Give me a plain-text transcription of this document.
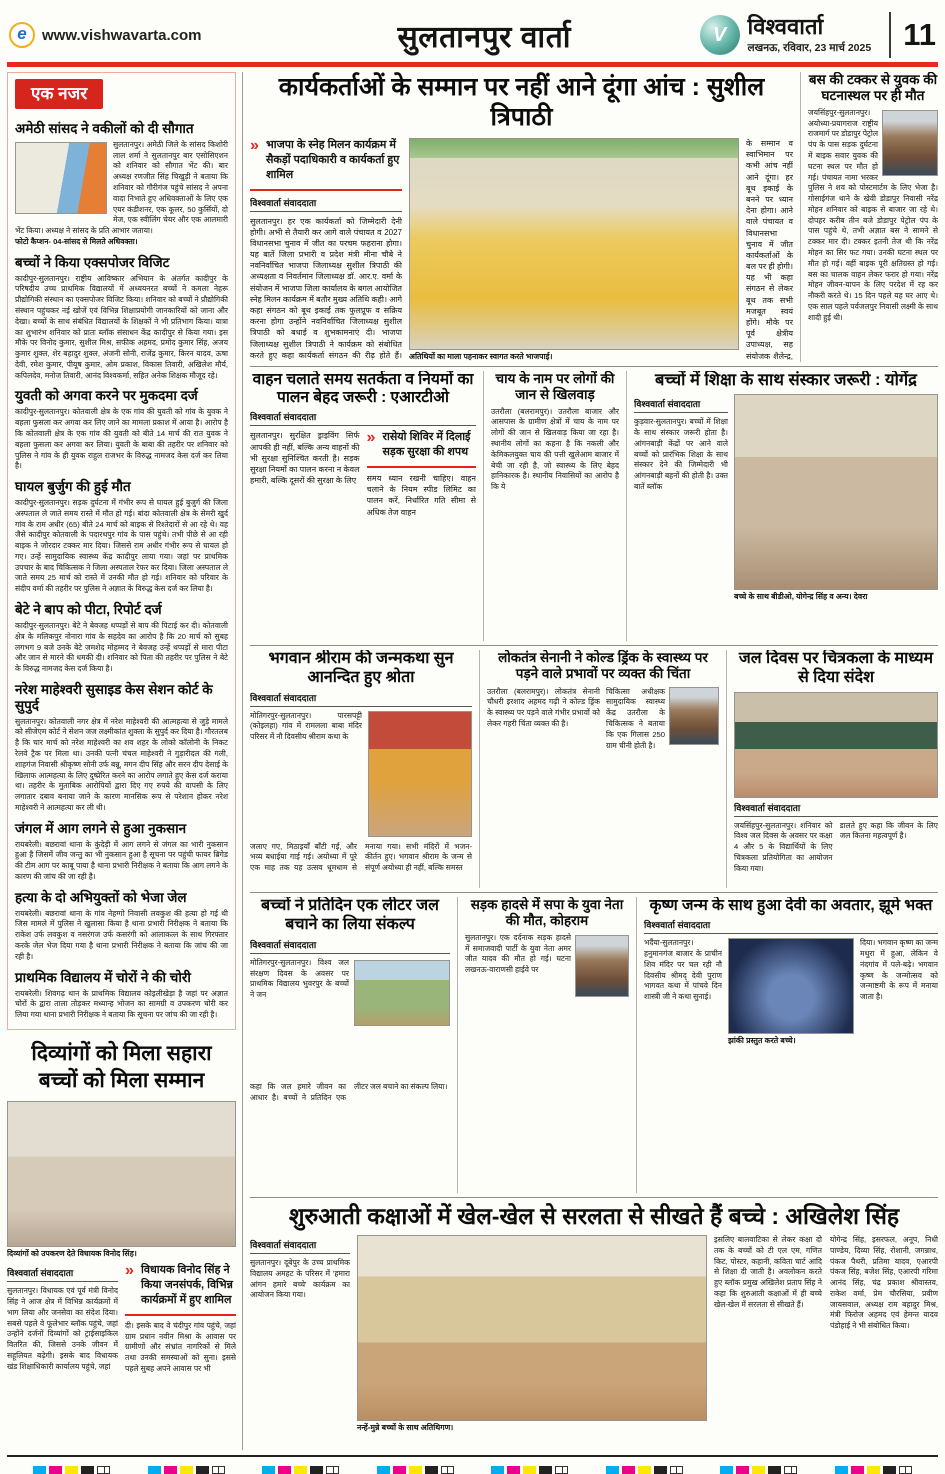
e	www.vishwavarta.com	सुलतानपुर वार्ता	V विश्ववार्ता
लखनऊ, रविवार, 23 मार्च 2025 11
एक नजर
अमेठी सांसद ने वकीलों को दी सौगात

सुलतानपुर। अमेठी जिले के सांसद किशोरी लाल शर्मा ने सुलतानपुर बार एसोसिएशन को शनिवार को सौगात भेंट की। बार अध्यक्ष रणजीत सिंह चिखुड़ी ने बताया कि शनिवार को गौरीगंज पहुंचे सांसद ने अपना वादा निभाते हुए अधिवक्ताओं के लिए एक एयर कंडीशनर, एक कूलर, 50 कुर्सियों, दो मेज, एक स्वीलिंग चेयर और एक आलमारी भेंट किया। अध्यक्ष ने सांसद के प्रति आभार जताया।

फोटो कैप्शन- 04-सांसद से मिलते अधिवक्ता।

बच्चों ने किया एक्सपोजर विजिट

कादीपुर-सुलतानपुर। राष्ट्रीय आविष्कार अभियान के अंतर्गत कादीपुर के परिषदीय उच्च प्राथमिक विद्यालयों में अध्ययनरत बच्चों ने कमला नेहरू प्रौद्योगिकी संस्थान का एक्सपोजर विजिट किया। शनिवार को बच्चों ने प्रौद्योगिकी संस्थान पहुंचकर नई खोजें एवं विभिन्न शिक्षाप्रयोगी जानकारियों को जाना और देखा। बच्चों के साथ संबंधित विद्यालयों के शिक्षकों ने भी प्रतिभाग किया। यात्रा का शुभारंभ शनिवार को प्रातः ब्लॉक संसाधन केंद्र कादीपुर से किया गया। इस मौके पर विनोद कुमार, सुशील मिश्र, सफीक अहमद, प्रमोद कुमार सिंह, अजय कुमार शुक्ल, शेर बहादुर शुक्ल, अंजनी सोनी, राजेंद्र कुमार, किरन यादव, ऊषा देवी, रमेश कुमार, पीयूष कुमार, ओम प्रकाश, विकास तिवारी, अखिलेश मौर्य, कपिलदेव, मनोज तिवारी, आनंद विश्वकर्मा, सहित अनेक शिक्षक मौजूद रहे।

युवती को अगवा करने पर मुकदमा दर्ज

कादीपुर-सुलतानपुर। कोतवाली क्षेत्र के एक गांव की युवती को गांव के युवक ने बहला फुसला कर अगवा कर लिए जाने का मामला प्रकाश में आया है। आरोप है कि कोतवाली क्षेत्र के एक गांव की युवती को बीते 14 मार्च की रात युवक ने बहला फुसला कर अगवा कर लिया। युवती के बाबा की तहरीर पर शनिवार को पुलिस ने गांव के ही युवक राहुल राजभर के विरुद्ध नामजद केस दर्ज कर लिया है।

घायल बुर्जुग की हुई मौत

कादीपुर-सुलतानपुर। सड़क दुर्घटना में गंभीर रूप से घायल हुई बुजुर्ग की जिला अस्पताल ले जाते समय रास्ते में मौत हो गई। बांदा कोतवाली क्षेत्र के सेमरी खुर्द गांव के राम अधीर (65) बीते 24 मार्च को बाइक से रिश्तेदारों से आ रहे थे। वह जैसे कादीपुर कोतवाली के पदारथपुर गांव के पास पहुंचे। तभी पीछे से आ रही बाइक ने जोरदार टक्कर मार दिया। जिससे राम अधीर गंभीर रूप से घायल हो गए। उन्हें सामुदायिक स्वास्थ्य केंद्र कादीपुर लाया गया। जहां पर प्राथमिक उपचार के बाद चिकित्सक ने जिला अस्पताल रेफर कर दिया। जिला अस्पताल ले जाते समय 25 मार्च को रास्ते में उनकी मौत हो गई। शनिवार को परिवार के संदीप वर्मा की तहरीर पर पुलिस ने अज्ञात के विरुद्ध केस दर्ज कर लिया है।

बेटे ने बाप को पीटा, रिपोर्ट दर्ज

कादीपुर-सुलतानपुर। बेटे ने बेवजह थप्पड़ों से बाप की पिटाई कर दी। कोतवाली क्षेत्र के मलिकपुर नोनारा गांव के सहदेव का आरोप है कि 20 मार्च को सुबह लगभग 9 बजे उनके बेटे जमशेद मोहम्मद ने बेवजह उन्हें थप्पड़ों से मारा पीटा और जान से मारने की धमकी दी। शनिवार को पिता की तहरीर पर पुलिस ने बेटे के विरुद्ध नामजद केस दर्ज किया है।

नरेश माहेश्वरी सुसाइड केस सेशन कोर्ट के सुपुर्द

सुलतानपुर। कोतवाली नगर क्षेत्र में नरेश माहेश्वरी की आत्महत्या से जुड़े मामले को सीजेएम कोर्ट ने सेशन जज लक्ष्मीकांत शुक्ला के सुपुर्द कर दिया है। गौरतलब है कि चार मार्च को नरेश माहेश्वरी का शव शहर के लोको कॉलोनी के निकट रेलवे ट्रैक पर मिला था। उनकी पत्नी चंचल माहेश्वरी ने गुड़ारीदल की गली, शाहगंज निवासी श्रीकृष्ण सोनी उर्फ बन्नू, मगन दीप सिंह और सरन दीप देसाई के खिलाफ आत्महत्या के लिए दुष्प्रेरित करने का आरोप लगाते हुए केस दर्ज कराया था। तहरीर के मुताबिक आरोपियों द्वारा दिए गए रुपये की वापसी के लिए लगातार दबाव बनाया जाने के कारण मानसिक रूप से परेशान होकर नरेश माहेश्वरी ने आत्महत्या कर ली थी।

जंगल में आग लगने से हुआ नुकसान

रायबरेली। बछरावां थाना के कुंदेड़ी में आग लगने से जंगल का भारी नुकसान हुआ है जिसमें जीव जन्तु का भी नुकसान हुआ है सूचना पर पहुंची फायर ब्रिगेड की टीम आग पर काबू पाया है थाना प्रभारी निरीक्षक ने बताया कि आग लगने के कारण की जांच की जा रही है।

हत्या के दो अभियुक्तों को भेजा जेल

रायबरेली। बछरावां थाना के गांव नेहग्गो निवासी लवकुश की हत्या हो गई थी जिस मामले में पुलिस ने खुलासा किया है थाना प्रभारी निरीक्षक ने बताया कि राकेश उर्फ लवकुश व नसरंगज उर्फ कसरंगी को आलाकत्ल के साथ गिरफ्तार करके जेल भेज दिया गया है थाना प्रभारी निरीक्षक ने बताया कि जांच की जा रही है।

प्राथमिक विद्यालय में चोरों ने की चोरी

रायबरेली। शिवगढ़ थान के प्राथमिक विद्यालय कोइलीखेड़ा है जहां पर अज्ञात चोरों के द्वारा ताला तोड़कर मध्यान्ह भोजन का सामग्री व उपकरण चोरी कर लिया गया थाना प्रभारी निरीक्षक ने बताया कि सूचना पर जांच की जा रही है।

दिव्यांगों को मिला सहारा बच्चों को मिला सम्मान

दिव्यांगों को उपकरण देते विधायक विनोद सिंह।

विश्ववार्ता संवाददाता

सुलतानपुर। विधायक एवं पूर्व मंत्री विनोद सिंह ने आज क्षेत्र में विभिन्न कार्यक्रमों में भाग लिया और जनसेवा का संदेश दिया। सबसे पहले वे फूलेभार ब्लॉक पहुंचे, जहां उन्होंने दर्जनों दिव्यांगों को ट्राईसाइकिल वितरित की, जिससे उनके जीवन में सहूलियत बढ़ेगी। इसके बाद विधायक खंड शिक्षाधिकारी कार्यालय पहुंचे, जहां

» विधायक विनोद सिंह ने किया जनसंपर्क, विभिन्न कार्यक्रमों में हुए शामिल

दी। इसके बाद वे चंदीपुर गांव पहुंचे, जहां ग्राम प्रधान नवीन मिश्रा के आवास पर ग्रामीणों और संभ्रांत नागरिकों से मिले तथा उनकी समस्याओं को सुना। इससे पहले सुबह अपने आवास पर भी

कार्यकर्ताओं के सम्मान पर नहीं आने दूंगा आंच : सुशील त्रिपाठी
» भाजपा के स्नेह मिलन कार्यक्रम में सैकड़ों पदाधिकारी व कार्यकर्ता हुए शामिल
विश्ववार्ता संवाददाता

सुलतानपुर। हर एक कार्यकर्ता को जिम्मेदारी देनी होगी। अभी से तैयारी कर आगे वाले पंचायत व 2027 विधानसभा चुनाव में जीत का परचम फहराना होगा। यह बातें जिला प्रभारी व प्रदेश मंत्री मीना चौबे ने नवनिर्वाचित भाजपा जिलाध्यक्ष सुशील त्रिपाठी की अध्यक्षता व निवर्तमान जिलाध्यक्ष डॉ. आर.ए. वर्मा के संयोजन में भाजपा जिला कार्यालय के बगल आयोजित स्नेह मिलन कार्यक्रम में बतौर मुख्य अतिथि कही। आगे कहा संगठन को बूथ इकाई तक फुलप्रूफ व सक्रिय करना होगा उन्होंने नवनिर्वाचित जिलाध्यक्ष सुशील त्रिपाठी को बधाई व शुभकामनाएं दी। भाजपा जिलाध्यक्ष सुशील त्रिपाठी ने कार्यक्रम को संबोधित करते हुए कहा कार्यकर्ता संगठन की रीढ़ होते हैं। अतिथियों का माला पहनाकर स्वागत करते भाजपाई।

के सम्मान व स्वाभिमान पर कभी आंच नहीं आने दूंगा। हर बूथ इकाई के बनने पर ध्यान देना होगा। आने वाले पंचायत व विधानसभा चुनाव में जीत कार्यकर्ताओं के बल पर ही होगी। यह भी कहा संगठन से लेकर बूथ तक सभी मजबूत स्वयं होंगे। मौके पर पूर्व क्षेत्रीय उपाध्यक्ष, सह संयोजक शैलेन्द्र,

बस की टक्कर से युवक की घटनास्थल पर ही मौत

जयसिंहपुर-सुलतानपुर। अयोध्या-प्रयागराज राष्ट्रीय राजमार्ग पर डोडापुर पेट्रोल पंप के पास सड़क दुर्घटना में बाइक सवार युवक की घटना स्थल पर मौत हो गई। पंचायत नामा भरकर पुलिस ने शव को पोस्टमार्टम के लिए भेजा है। गोसाईगंज थाने के खेवी डोडापुर निवासी नरेंद्र मोहन शनिवार को बाइक से बाजार जा रहे थे। दोपहर करीब तीन बजे डोडापुर पेट्रोल पंप के पास पहुंचे थे, तभी अज्ञात बस ने सामने से टक्कर मार दी। टक्कर इतनी तेज थी कि नरेंद्र मोहन का सिर फट गया। उनकी घटना स्थल पर मौत हो गई। वहीं बाइक पूरी क्षतिग्रस्त हो गई। बस का चालक वाहन लेकर फरार हो गया। नरेंद्र मोहन जीवन-यापन के लिए परदेश में रह कर नौकरी करते थे। 15 दिन पहले यह घर आए थे। एक साल पहले पर्वजलपुर निवासी लक्ष्मी के साथ शादी हुई थी।

वाहन चलाते समय सतर्कता व नियमों का पालन बेहद जरूरी : एआरटीओ
विश्ववार्ता संवाददाता

सुलतानपुर। सुरक्षित ड्राइविंग सिर्फ आपकी ही नहीं, बल्कि अन्य वाहनों की भी सुरक्षा सुनिश्चित करती है। सड़क सुरक्षा नियमों का पालन करना न केवल हमारी, बल्कि दूसरों की सुरक्षा के लिए

» रासेयो शिविर में दिलाई सड़क सुरक्षा की शपथ

समय ध्यान रखनी चाहिए। वाहन चलाने के नियम स्पीड लिमिट का पालन करें, निर्धारित गति सीमा से अधिक तेज वाहन

चाय के नाम पर लोगों की जान से खिलवाड़

उतरौला (बलरामपुर)। उतरौला बाजार और आसपास के ग्रामीण क्षेत्रों में चाय के नाम पर लोगों की जान से खिलवाड़ किया जा रहा है। स्थानीय लोगों का कहना है कि नकली और केमिकलयुक्त चाय की पत्ती खुलेआम बाजार में बेची जा रही है, जो स्वास्थ्य के लिए बेहद हानिकारक है। स्थानीय निवासियों का आरोप है कि ये

बच्चों में शिक्षा के साथ संस्कार जरूरी : योगेंद्र
विश्ववार्ता संवाददाता

कुड़वार-सुलतानपुर। बच्चों में शिक्षा के साथ संस्कार जरूरी होता है। आंगनबाड़ी केंद्रों पर आने वाले बच्चों को प्रारंभिक शिक्षा के साथ संस्कार देने की जिम्मेदारी भी आंगनबाड़ी बहनों की होती है। उक्त बातें ब्लॉक

बच्चे के साथ बीडीओ, योगेन्द्र सिंह व अन्य। देवरा

भगवान श्रीराम की जन्मकथा सुन आनन्दित हुए श्रोता
विश्ववार्ता संवाददाता

मोतिगरपुर-सुलतानपुर। पारसपट्टी (कोइलहा) गांव में रामलला बाबा मंदिर परिसर में नौ दिवसीय श्रीराम कथा के

जलाए गए, मिठाइयाँ बाँटी गईं, और भव्य बधाईया गाई गई। अयोध्या में पूरे एक माह तक यह उत्सव धूमधाम से मनाया गया। सभी मंदिरों में भजन-कीर्तन हुए। भगवान श्रीराम के जन्म से संपूर्ण अयोध्या ही नहीं, बल्कि समस्त

लोकतंत्र सेनानी ने कोल्ड ड्रिंक के स्वास्थ्य पर पड़ने वाले प्रभावों पर व्यक्त की चिंता

उतरौला (बलरामपुर)। लोकतंत्र सेनानी चौधरी इरशाद अहमद गढ़ी ने कोल्ड ड्रिंक के स्वास्थ्य पर पड़ने वाले गंभीर प्रभावों को लेकर गहरी चिंता व्यक्त की है।

चिकित्सा अधीक्षक सामुदायिक स्वास्थ्य केंद्र उतरौला के चिकित्सक ने बताया कि एक गिलास 250 ग्राम चीनी होती है।

जल दिवस पर चित्रकला के माध्यम से दिया संदेश
विश्ववार्ता संवाददाता

जयसिंहपुर-सुलतानपुर। शनिवार को विश्व जल दिवस के अवसर पर कक्षा 4 और 5 के विद्यार्थियों के लिए चित्रकला प्रतियोगिता का आयोजन किया गया।

डालते हुए कहा कि जीवन के लिए जल कितना महत्वपूर्ण है।

बच्चों ने प्रतिदिन एक लीटर जल बचाने का लिया संकल्प
विश्ववार्ता संवाददाता

मोतिगरपुर-सुलतानपुर। विश्व जल संरक्षण दिवस के अवसर पर प्राथमिक विद्यालय भुवरपुर के बच्चों ने जन

कहा कि जल हमारे जीवन का आधार है। बच्चों ने प्रतिदिन एक लीटर जल बचाने का संकल्प लिया।

सड़क हादसे में सपा के युवा नेता की मौत, कोहराम

सुलतानपुर। एक दर्दनाक सड़क हादसे में समाजवादी पार्टी के युवा नेता अमर जीत यादव की मौत हो गई। घटना लखनऊ-वाराणसी हाईवे पर

कृष्ण जन्म के साथ हुआ देवी का अवतार, झूमे भक्त
विश्ववार्ता संवाददाता

भदैंया-सुलतानपुर। हनुमानगंज बाजार के प्राचीन शिव मंदिर पर चल रही नौ दिवसीय श्रीमद् देवी पुराण भागवत कथा में पांचवे दिन शास्त्री जी ने कथा सुनाई।

झांकी प्रस्तुत करते बच्चे।

दिया। भगवान कृष्ण का जन्म मथुरा में हुआ, लेकिन वे नंदगांव में पले-बढ़े। भगवान कृष्ण के जन्मोत्सव को जन्माष्टमी के रूप में मनाया जाता है।

शुरुआती कक्षाओं में खेल-खेल से सरलता से सीखते हैं बच्चे : अखिलेश सिंह
विश्ववार्ता संवाददाता

सुलतानपुर। दूबेपुर के उच्च प्राथमिक विद्यालय अमहट के परिसर में 'हमारा आंगन हमारे बच्चे' कार्यक्रम का आयोजन किया गया।

नन्हें-मुन्ने बच्चों के साथ अतिथिगण।

इसलिए बालवाटिका से लेकर कक्षा दो तक के बच्चों को टी एल एम, गणित किट, पोस्टर, कहानी, कविता चार्ट आदि से शिक्षा दी जाती है। अवलोकन करते हुए ब्लॉक प्रमुख अखिलेश प्रताप सिंह ने कहा कि शुरुआती कक्षाओं में ही बच्चे खेल-खेल में सरलता से सीखते हैं।

योगेन्द्र सिंह, इसरफल, अनूप, निधी पाण्डेय, दिव्या सिंह, रोशानी, जगन्नाथ, पंकज पैथरी, प्रतिमा यादव, एआरपी पंकज सिंह, बजेश सिंह, एआरपी गरिमा आनंद सिंह, चंद्र प्रकाश श्रीवास्तव, राकेश वर्मा, प्रेम चौरसिया, प्रवीण जायसवाल, अध्यक्ष राम बहादुर मिश्र, मंत्री फिरोज अहमद एवं हेमन्त यादव पंडोहाई ने भी संबोधित किया।
